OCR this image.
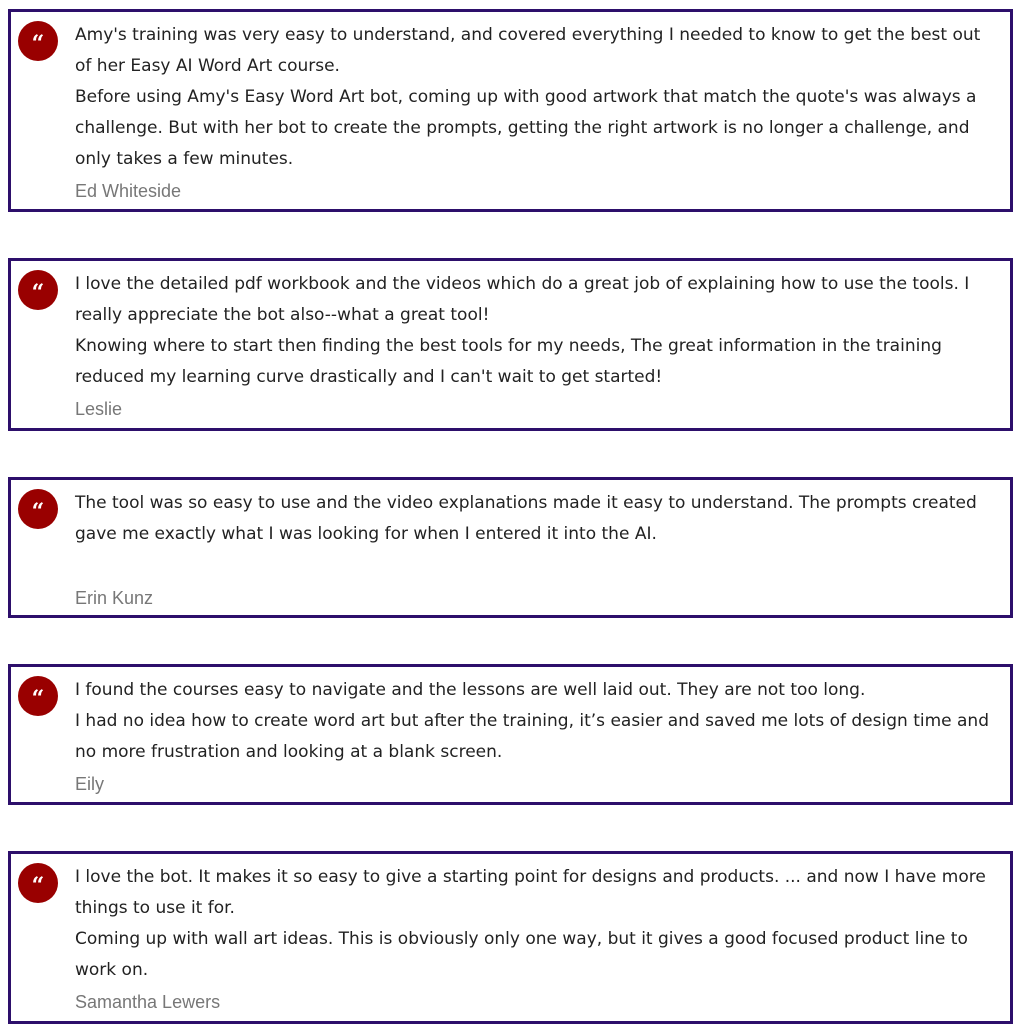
“	Amy's training was very easy to understand, and covered everything I needed to know to get the best out of her Easy AI Word Art course.

Before using Amy's Easy Word Art bot, coming up with good artwork that match the quote's was always a challenge. But with her bot to create the prompts, getting the right artwork is no longer a challenge, and only takes a few minutes.

Ed Whiteside
“	I love the detailed pdf workbook and the videos which do a great job of explaining how to use the tools. I really appreciate the bot also--what a great tool!

Knowing where to start then finding the best tools for my needs, The great information in the training reduced my learning curve drastically and I can't wait to get started!

Leslie
“	The tool was so easy to use and the video explanations made it easy to understand. The prompts created gave me exactly what I was looking for when I entered it into the AI.

Erin Kunz
“	I found the courses easy to navigate and the lessons are well laid out. They are not too long.

I had no idea how to create word art but after the training, it’s easier and saved me lots of design time and no more frustration and looking at a blank screen.

Eily
“	I love the bot. It makes it so easy to give a starting point for designs and products. ... and now I have more things to use it for.

Coming up with wall art ideas. This is obviously only one way, but it gives a good focused product line to work on.

Samantha Lewers
